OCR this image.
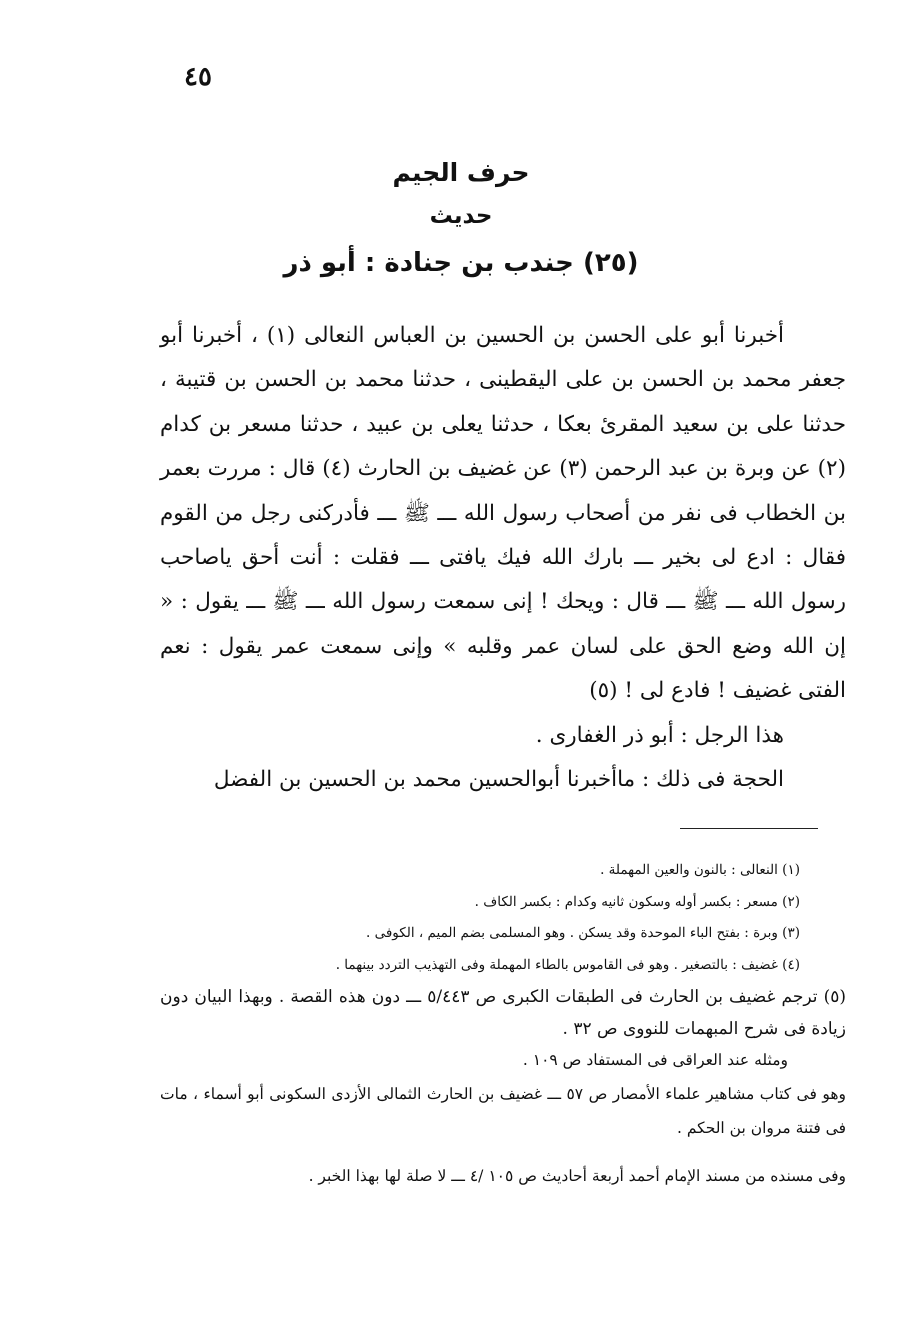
٤٥
حرف الجيم
حديث
(٢٥) جندب بن جنادة : أبو ذر

أخبرنا أبو على الحسن بن الحسين بن العباس النعالى (١) ، أخبرنا أبو جعفر محمد بن الحسن بن على اليقطينى ، حدثنا محمد بن الحسن بن قتيبة ، حدثنا على بن سعيد المقرئ بعكا ، حدثنا يعلى بن عبيد ، حدثنا مسعر بن كدام (٢) عن وبرة بن عبد الرحمن (٣) عن غضيف بن الحارث (٤) قال : مررت بعمر بن الخطاب فى نفر من أصحاب رسول الله ـــ ﷺ ـــ فأدركنى رجل من القوم فقال : ادع لى بخير ـــ بارك الله فيك يافتى ـــ فقلت : أنت أحق ياصاحب رسول الله ـــ ﷺ ـــ قال : ويحك ! إنى سمعت رسول الله ـــ ﷺ ـــ يقول : « إن الله وضع الحق على لسان عمر وقلبه » وإنى سمعت عمر يقول : نعم الفتى غضيف ! فادع لى ! (٥)

هذا الرجل : أبو ذر الغفارى .

الحجة فى ذلك : ماأخبرنا أبوالحسين محمد بن الحسين بن الفضل

(١) النعالى : بالنون والعين المهملة .

(٢) مسعر : بكسر أوله وسكون ثانيه وكدام : بكسر الكاف .

(٣) وبرة : بفتح الباء الموحدة وقد يسكن . وهو المسلمى بضم الميم ، الكوفى .

(٤) غضيف : بالتصغير . وهو فى القاموس بالطاء المهملة وفى التهذيب التردد بينهما .

(٥) ترجم غضيف بن الحارث فى الطبقات الكبرى ص ٥/٤٤٣ ـــ دون هذه القصة . وبهذا البيان دون زيادة فى شرح المبهمات للنووى ص ٣٢ .

ومثله عند العراقى فى المستفاد ص ١٠٩ .

وهو فى كتاب مشاهير علماء الأمصار ص ٥٧ ـــ غضيف بن الحارث الثمالى الأزدى السكونى أبو أسماء ، مات فى فتنة مروان بن الحكم .

وفى مسنده من مسند الإمام أحمد أربعة أحاديث ص ١٠٥ /٤ ـــ لا صلة لها بهذا الخبر .
